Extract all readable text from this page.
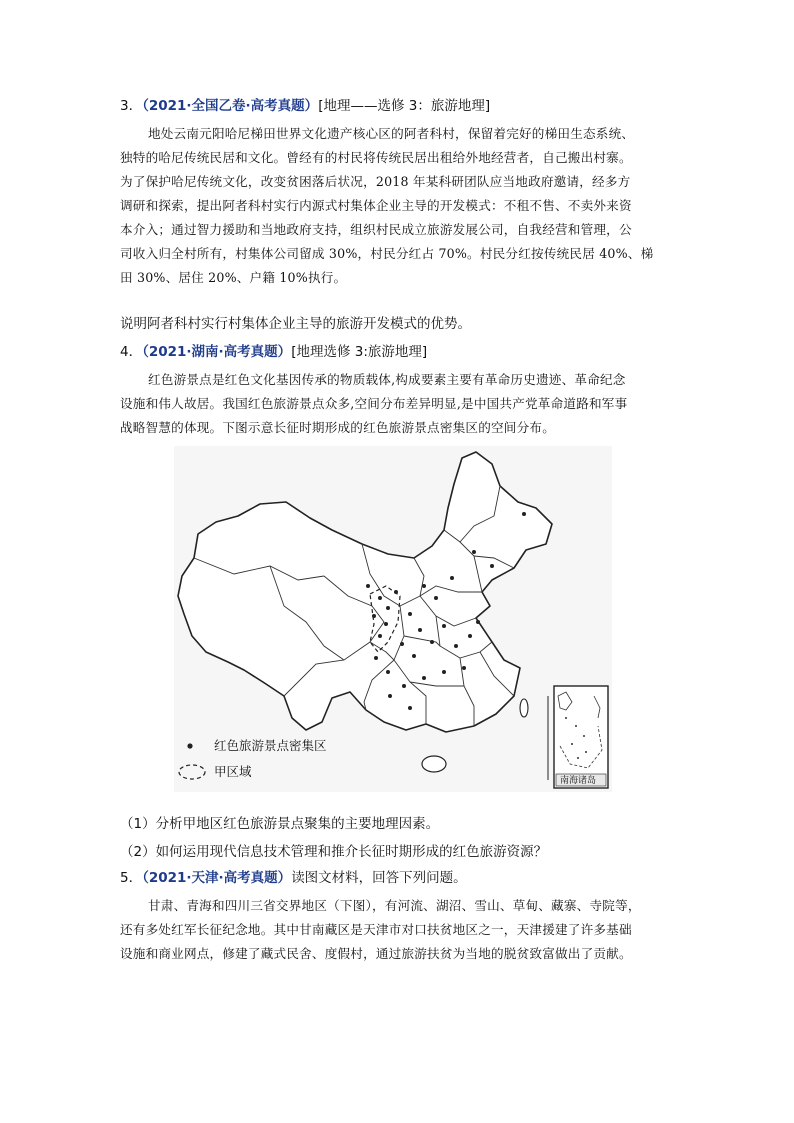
3．（2021·全国乙卷·高考真题）[地理——选修 3：旅游地理]
地处云南元阳哈尼梯田世界文化遗产核心区的阿者科村，保留着完好的梯田生态系统、
独特的哈尼传统民居和文化。曾经有的村民将传统民居出租给外地经营者，自己搬出村寨。
为了保护哈尼传统文化，改变贫困落后状况，2018 年某科研团队应当地政府邀请，经多方
调研和探索，提出阿者科村实行内源式村集体企业主导的开发模式：不租不售、不卖外来资
本介入；通过智力援助和当地政府支持，组织村民成立旅游发展公司，自我经营和管理，公
司收入归全村所有，村集体公司留成 30%，村民分红占 70%。村民分红按传统民居 40%、梯
田 30%、居住 20%、户籍 10%执行。
说明阿者科村实行村集体企业主导的旅游开发模式的优势。
4．（2021·湖南·高考真题）[地理选修 3:旅游地理]
红色游景点是红色文化基因传承的物质载体,构成要素主要有革命历史遗迹、革命纪念
设施和伟人故居。我国红色旅游景点众多,空间分布差异明显,是中国共产党革命道路和军事
战略智慧的体现。下图示意长征时期形成的红色旅游景点密集区的空间分布。
红色旅游景点密集区
甲区域
南海诸岛
（1）分析甲地区红色旅游景点聚集的主要地理因素。
（2）如何运用现代信息技术管理和推介长征时期形成的红色旅游资源？
5．（2021·天津·高考真题）读图文材料，回答下列问题。
甘肃、青海和四川三省交界地区（下图），有河流、湖沼、雪山、草甸、藏寨、寺院等，
还有多处红军长征纪念地。其中甘南藏区是天津市对口扶贫地区之一，天津援建了许多基础
设施和商业网点，修建了藏式民舍、度假村，通过旅游扶贫为当地的脱贫致富做出了贡献。
